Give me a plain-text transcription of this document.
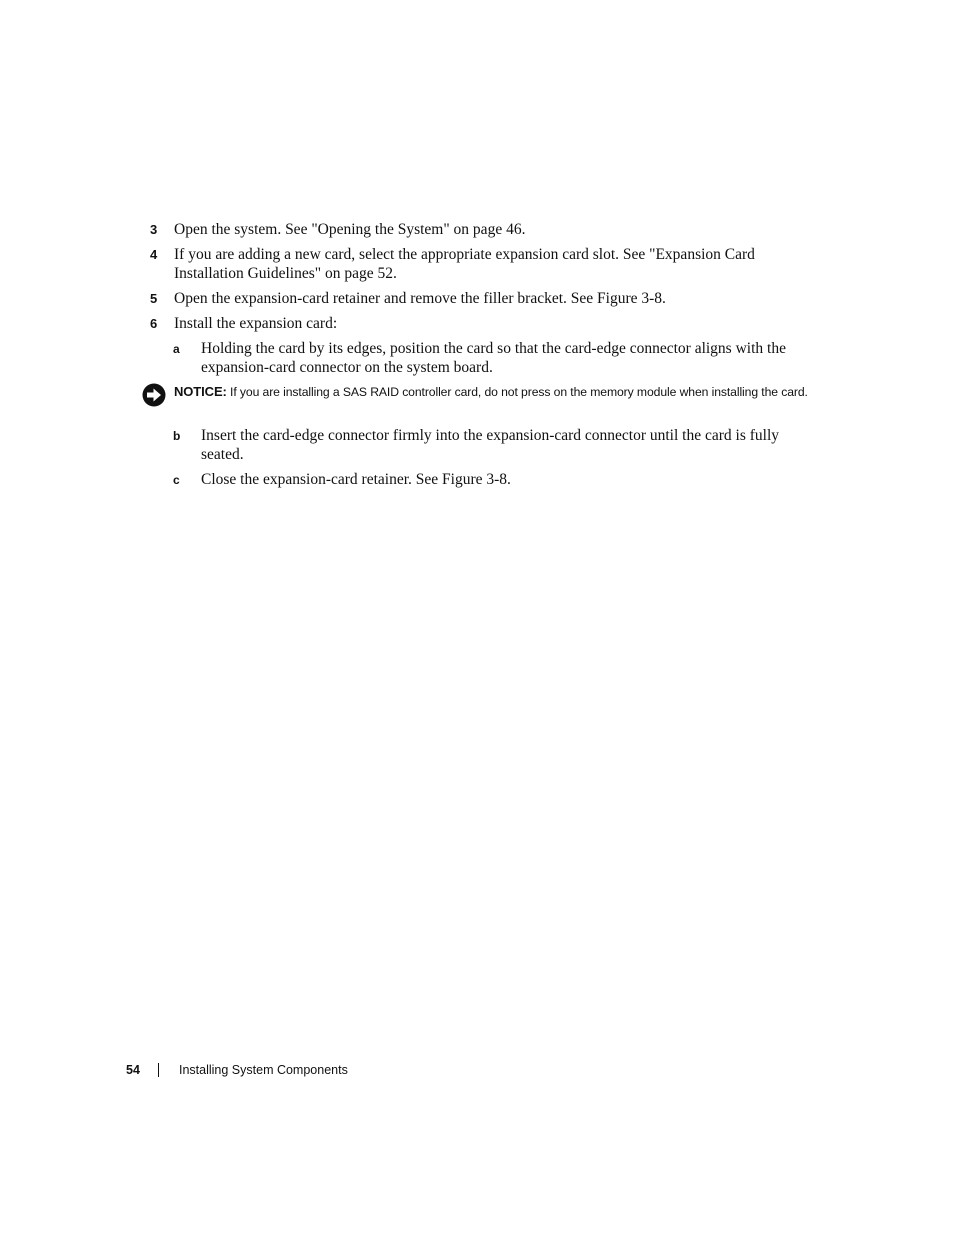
3 Open the system. See "Opening the System" on page 46.
4 If you are adding a new card, select the appropriate expansion card slot. See "Expansion Card Installation Guidelines" on page 52.
5 Open the expansion-card retainer and remove the filler bracket. See Figure 3-8.
6 Install the expansion card:
a Holding the card by its edges, position the card so that the card-edge connector aligns with the expansion-card connector on the system board.
NOTICE: If you are installing a SAS RAID controller card, do not press on the memory module when installing the card.
b Insert the card-edge connector firmly into the expansion-card connector until the card is fully seated.
c Close the expansion-card retainer. See Figure 3-8.
54	Installing System Components
